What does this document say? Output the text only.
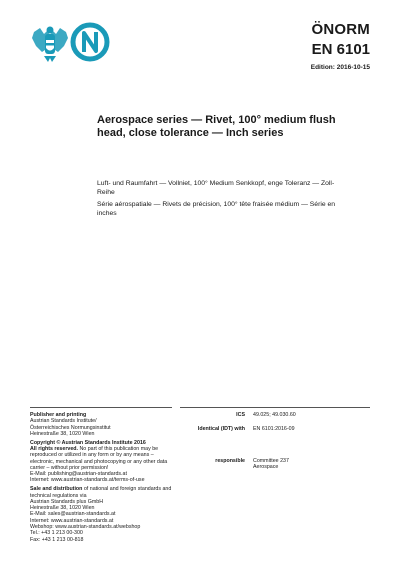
ÖNORM
EN 6101
Edition: 2016-10-15
Aerospace series — Rivet, 100° medium flush head, close tolerance — Inch series
Luft- und Raumfahrt — Vollniet, 100° Medium Senkkopf, enge Toleranz — Zoll-Reihe
Série aérospatiale — Rivets de précision, 100° tête fraisée médium — Série en inches
Publisher and printing
Austrian Standards Institute/
Österreichisches Normungsinstitut
Heinestraße 38, 1020 Wien
Copyright © Austrian Standards Institute 2016
All rights reserved. No part of this publication may be reproduced or utilized in any form or by any means – electronic, mechanical and photocopying or any other data carrier – without prior permission!
E-Mail: publishing@austrian-standards.at
Internet: www.austrian-standards.at/terms-of-use
Sale and distribution of national and foreign standards and technical regulations via
Austrian Standards plus GmbH
Heinestraße 38, 1020 Wien
E-Mail: sales@austrian-standards.at
Internet: www.austrian-standards.at
Webshop: www.austrian-standards.at/webshop
Tel.: +43 1 213 00-300
Fax: +43 1 213 00-818
ICS 49.025; 49.030.60
Identical (IDT) with EN 6101:2016-09
responsible Committee 237
Aerospace
